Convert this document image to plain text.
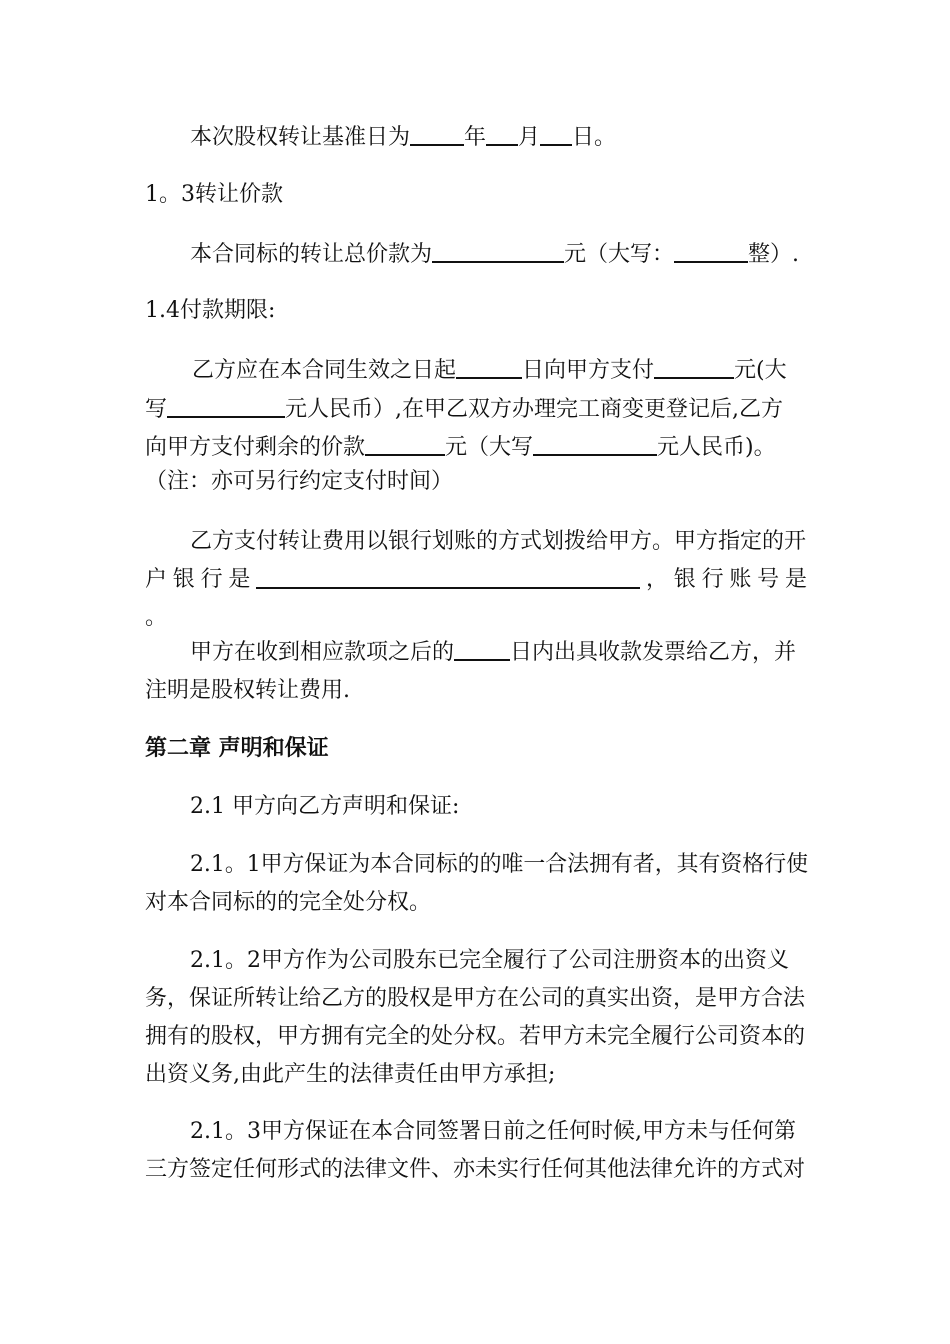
本次股权转让基准日为 年 月 日。
1。3转让价款
本合同标的转让总价款为	元（大写：	整）.
1.4付款期限:
乙方应在本合同生效之日起	日向甲方支付	元(大
写	元人民币）,在甲乙双方办理完工商变更登记后,乙方
向甲方支付剩余的价款	元（大写	元人民币)。
（注：亦可另行约定支付时间）
乙方支付转让费用以银行划账的方式划拨给甲方。甲方指定的开
户 银 行 是	， 银 行 账 号 是
。
甲方在收到相应款项之后的	日内出具收款发票给乙方，并
注明是股权转让费用.
第二章 声明和保证
2.1 甲方向乙方声明和保证:
2.1。1甲方保证为本合同标的的唯一合法拥有者，其有资格行使
对本合同标的的完全处分权。
2.1。2甲方作为公司股东已完全履行了公司注册资本的出资义
务，保证所转让给乙方的股权是甲方在公司的真实出资，是甲方合法
拥有的股权，甲方拥有完全的处分权。若甲方未完全履行公司资本的
出资义务,由此产生的法律责任由甲方承担;
2.1。3甲方保证在本合同签署日前之任何时候,甲方未与任何第
三方签定任何形式的法律文件、亦未实行任何其他法律允许的方式对
